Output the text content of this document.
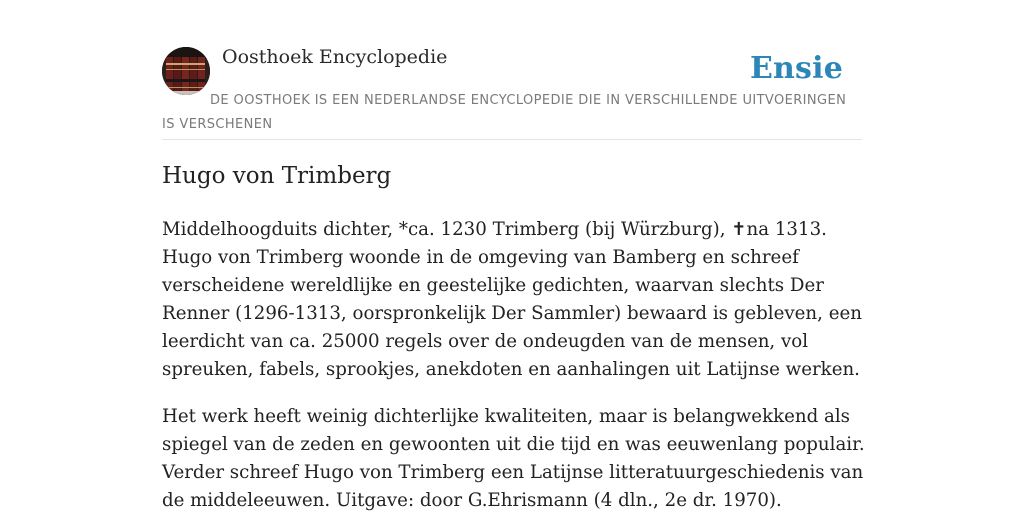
Oosthoek Encyclopedie	Ensie
DE OOSTHOEK IS EEN NEDERLANDSE ENCYCLOPEDIE DIE IN VERSCHILLENDE UITVOERINGEN IS VERSCHENEN
Hugo von Trimberg

Middelhoogduits dichter, *ca. 1230 Trimberg (bij Würzburg), ✝na 1313. Hugo von Trimberg woonde in de omgeving van Bamberg en schreef verscheidene wereldlijke en geestelijke gedichten, waarvan slechts Der Renner (1296-1313, oorspronkelijk Der Sammler) bewaard is gebleven, een leerdicht van ca. 25000 regels over de ondeugden van de mensen, vol spreuken, fabels, sprookjes, anekdoten en aanhalingen uit Latijnse werken.

Het werk heeft weinig dichterlijke kwaliteiten, maar is belangwekkend als spiegel van de zeden en gewoonten uit die tijd en was eeuwenlang populair. Verder schreef Hugo von Trimberg een Latijnse litteratuurgeschiedenis van de middeleeuwen. Uitgave: door G.Ehrismann (4 dln., 2e dr. 1970).
